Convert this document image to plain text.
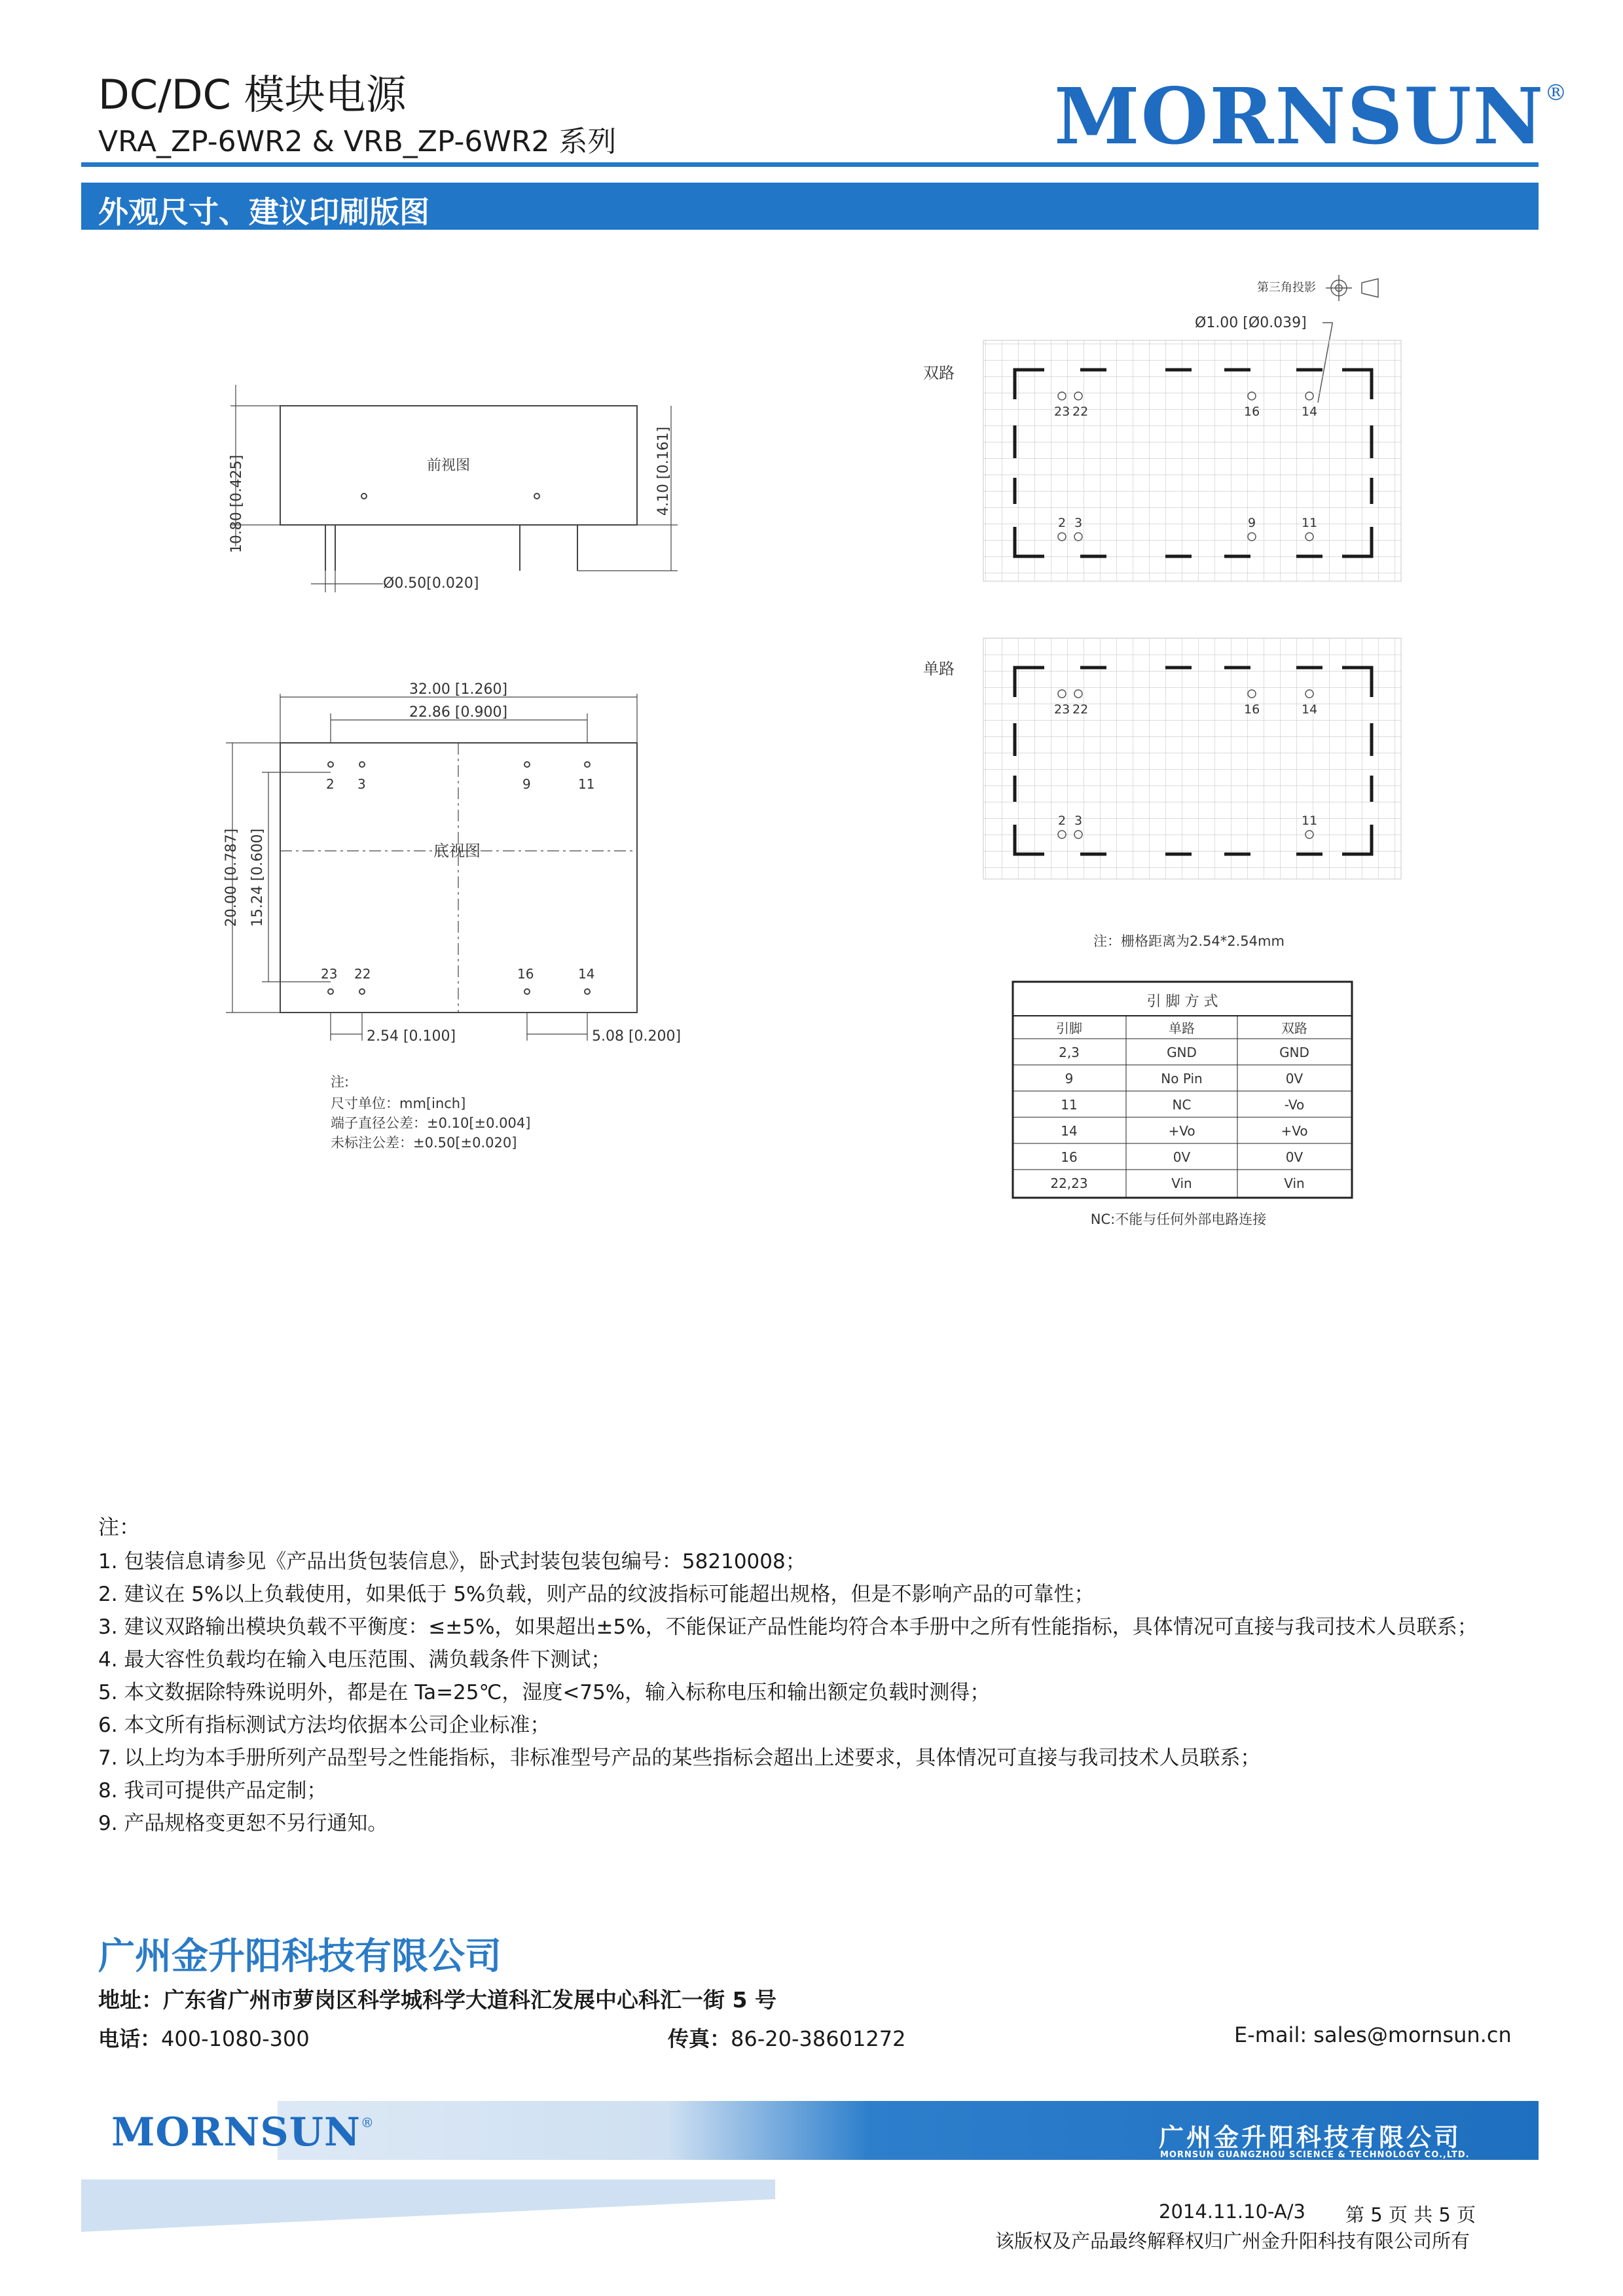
DC/DC 模块电源
VRA_ZP-6WR2 & VRB_ZP-6WR2 系列	MORNSUN®
外观尺寸、建议印刷版图
前视图
10.80 [0.425]	4.10 [0.161]
Ø0.50[0.020]
32.00 [1.260]
22.86 [0.900]
20.00 [0.787] 15.24 [0.600]	底视图
2.54 [0.100]	5.08 [0.200]
2 3	9	11
23 22	16	14
注:
尺寸单位：mm[inch]
端子直径公差：±0.10[±0.004]
未标注公差：±0.50[±0.020]
第三角投影
Ø1.00 [Ø0.039]
双路
23 22	16	14
2 3	9	11
单路
23 22	16	14
2 3	11
注：栅格距离为2.54*2.54mm
引 脚 方 式
引脚	单路	双路
2,3	GND	GND
9	No Pin	0V
11	NC	-Vo
14	+Vo	+Vo
16	0V	0V
22,23	Vin	Vin
NC:不能与任何外部电路连接
注：
1. 包装信息请参见《产品出货包装信息》，卧式封装包装包编号：58210008；
2. 建议在 5%以上负载使用，如果低于 5%负载，则产品的纹波指标可能超出规格，但是不影响产品的可靠性；
3. 建议双路输出模块负载不平衡度：≤±5%，如果超出±5%，不能保证产品性能均符合本手册中之所有性能指标，具体情况可直接与我司技术人员联系；
4. 最大容性负载均在输入电压范围、满负载条件下测试；
5. 本文数据除特殊说明外，都是在 Ta=25℃，湿度<75%，输入标称电压和输出额定负载时测得；
6. 本文所有指标测试方法均依据本公司企业标准；
7. 以上均为本手册所列产品型号之性能指标，非标准型号产品的某些指标会超出上述要求，具体情况可直接与我司技术人员联系；
8. 我司可提供产品定制；
9. 产品规格变更恕不另行通知。
广州金升阳科技有限公司
地址：广东省广州市萝岗区科学城科学大道科汇发展中心科汇一街 5 号
电话：400-1080-300	传真：86-20-38601272	E-mail: sales@mornsun.cn
MORNSUN®
广州金升阳科技有限公司
MORNSUN GUANGZHOU SCIENCE & TECHNOLOGY CO.,LTD.
2014.11.10-A/3 第 5 页 共 5 页
该版权及产品最终解释权归广州金升阳科技有限公司所有
